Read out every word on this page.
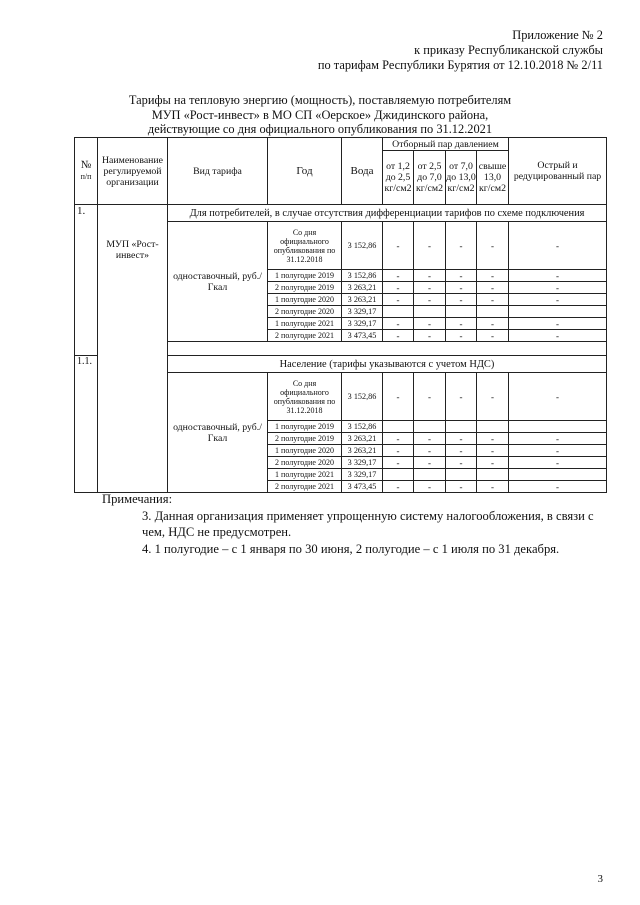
Приложение № 2
к приказу Республиканской службы
по тарифам Республики Бурятия от 12.10.2018 № 2/11
Тарифы на тепловую энергию (мощность), поставляемую потребителям
МУП «Рост-инвест» в МО СП «Оерское» Джидинского района,
действующие со дня официального опубликования по 31.12.2021
№
п/п	Наименование регулируемой организации	Вид тарифа	Год	Вода	Отборный пар давлением				Острый и редуцированный пар
					от 1,2 до 2,5 кг/см2	от 2,5 до 7,0 кг/см2	от 7,0 до 13,0 кг/см2	свыше 13,0 кг/см2	
1.	МУП «Рост-инвест»	Для потребителей, в случае отсутствия дифференциации тарифов по схеме подключения							
		одноставочный, руб./Гкал	Со дня официального опубликования по 31.12.2018	3 152,86	-	-	-	-	-
			1 полугодие 2019	3 152,86	-	-	-	-	-
			2 полугодие 2019	3 263,21	-	-	-	-	-
			1 полугодие 2020	3 263,21	-	-	-	-	-
			2 полугодие 2020	3 329,17					
			1 полугодие 2021	3 329,17	-	-	-	-	-
			2 полугодие 2021	3 473,45	-	-	-	-	-

1.1.		Население (тарифы указываются с учетом НДС)							
		одноставочный, руб./Гкал	Со дня официального опубликования по 31.12.2018	3 152,86	-	-	-	-	-
			1 полугодие 2019	3 152,86					
			2 полугодие 2019	3 263,21	-	-	-	-	-
			1 полугодие 2020	3 263,21	-	-	-	-	-
			2 полугодие 2020	3 329,17	-	-	-	-	-
			1 полугодие 2021	3 329,17					
			2 полугодие 2021	3 473,45	-	-	-	-	-
Примечания:
3. Данная организация применяет упрощенную систему налогообложения, в связи с чем, НДС не предусмотрен.
4. 1 полугодие – с 1 января по 30 июня, 2 полугодие – с 1 июля по 31 декабря.
3
